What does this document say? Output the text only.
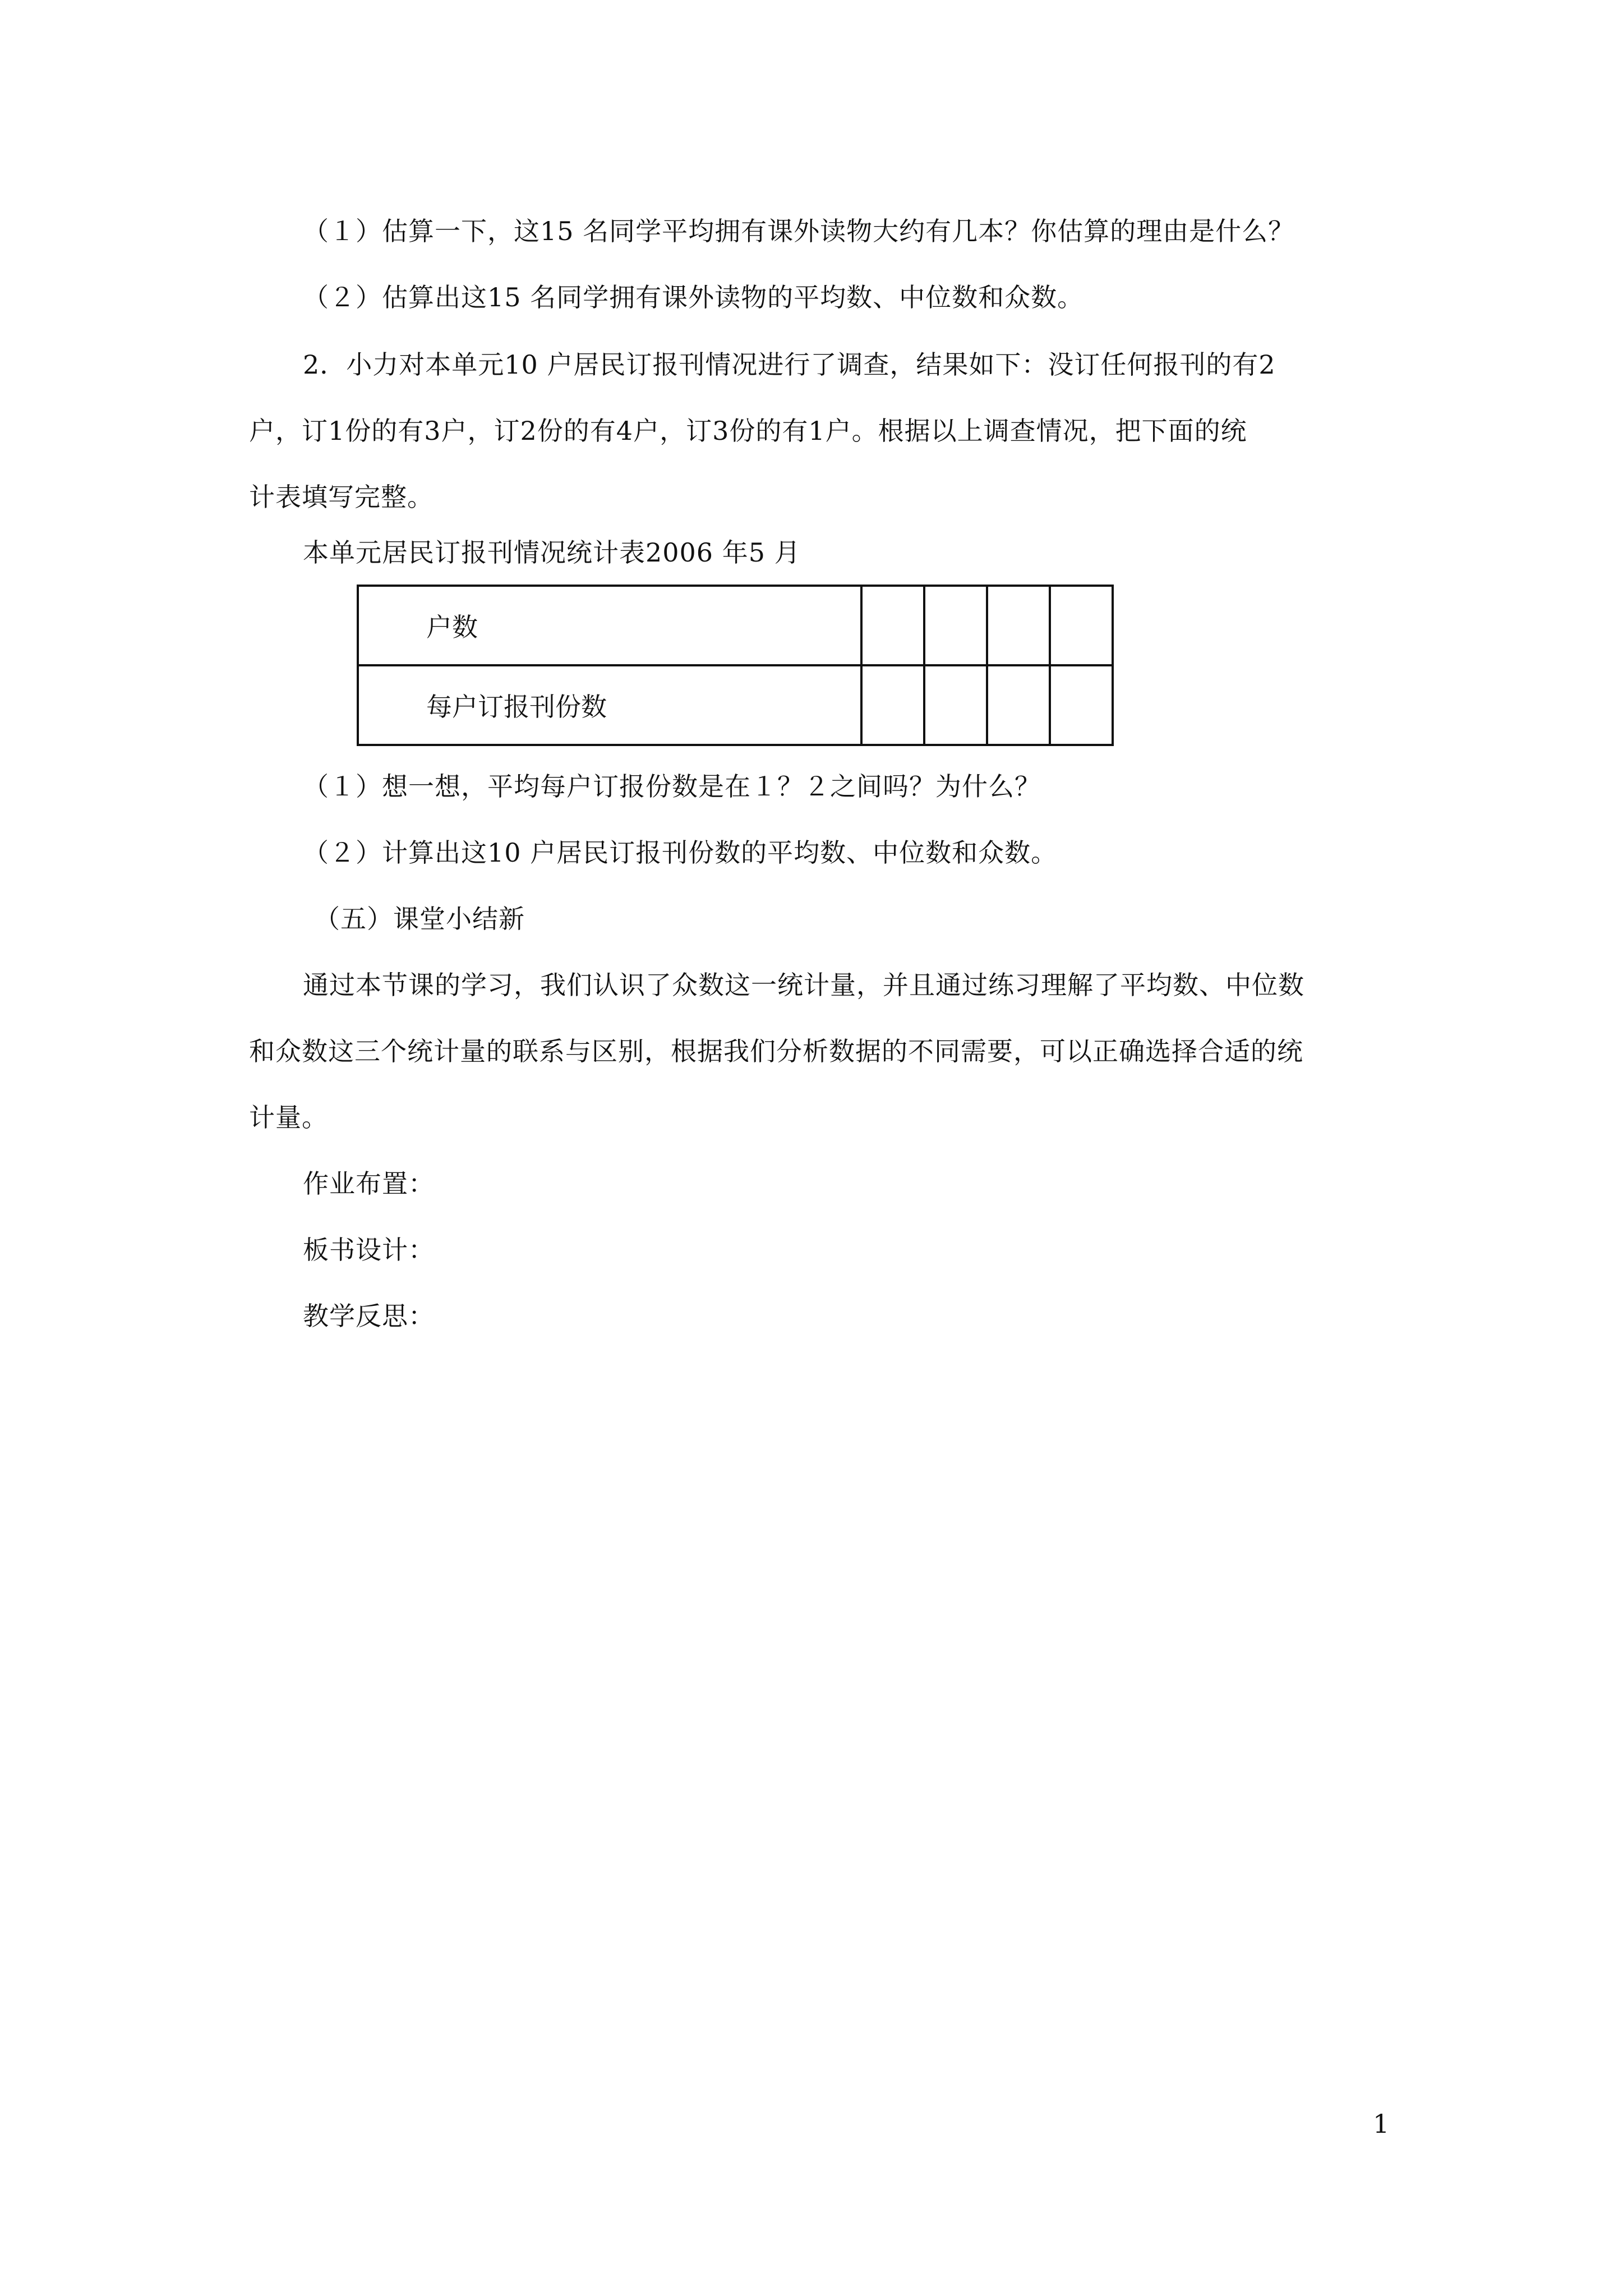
（１）估算一下，这15 名同学平均拥有课外读物大约有几本？你估算的理由是什么？
（２）估算出这15 名同学拥有课外读物的平均数、中位数和众数。
2．小力对本单元10 户居民订报刊情况进行了调查，结果如下：没订任何报刊的有2
户，订1份的有3户，订2份的有4户，订3份的有1户。根据以上调查情况，把下面的统
计表填写完整。
本单元居民订报刊情况统计表2006 年5 月
户数				
每户订报刊份数				
（１）想一想，平均每户订报份数是在１？２之间吗？为什么？
（２）计算出这10 户居民订报刊份数的平均数、中位数和众数。
（五）课堂小结新
通过本节课的学习，我们认识了众数这一统计量，并且通过练习理解了平均数、中位数
和众数这三个统计量的联系与区别，根据我们分析数据的不同需要，可以正确选择合适的统
计量。
作业布置：
板书设计：
教学反思：
1
